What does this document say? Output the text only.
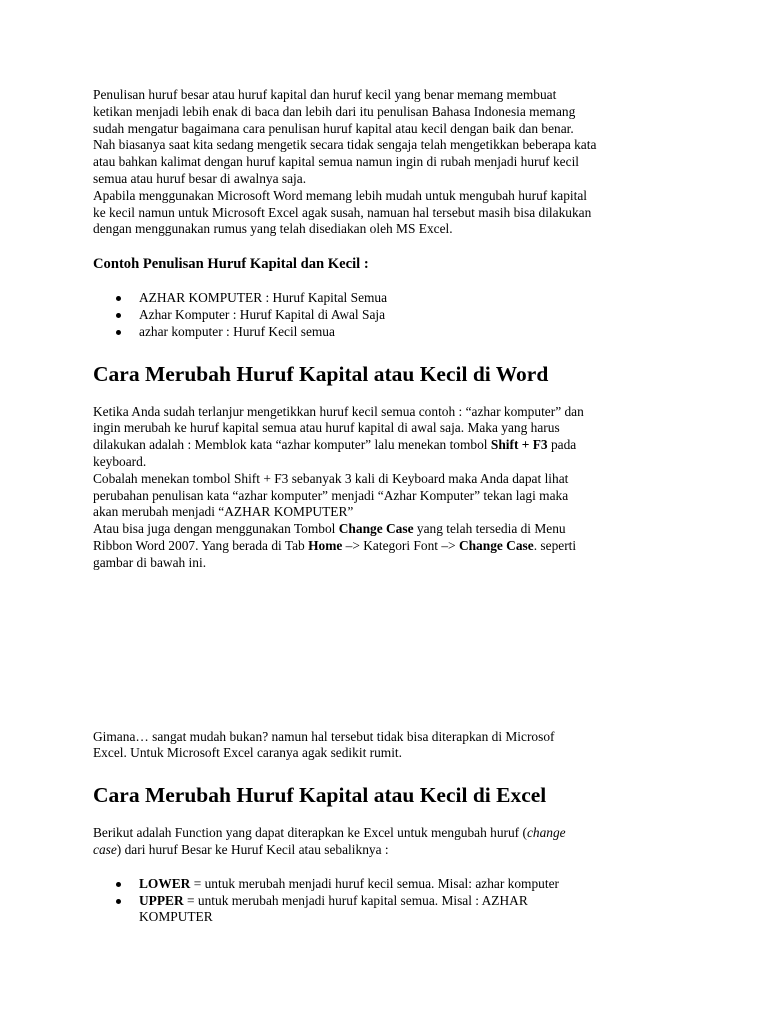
Penulisan huruf besar atau huruf kapital dan huruf kecil yang benar memang membuat
ketikan menjadi lebih enak di baca dan lebih dari itu penulisan Bahasa Indonesia memang
sudah mengatur bagaimana cara penulisan huruf kapital atau kecil dengan baik dan benar.
Nah biasanya saat kita sedang mengetik secara tidak sengaja telah mengetikkan beberapa kata
atau bahkan kalimat dengan huruf kapital semua namun ingin di rubah menjadi huruf kecil
semua atau huruf besar di awalnya saja.
Apabila menggunakan Microsoft Word memang lebih mudah untuk mengubah huruf kapital
ke kecil namun untuk Microsoft Excel agak susah, namuan hal tersebut masih bisa dilakukan
dengan menggunakan rumus yang telah disediakan oleh MS Excel.

Contoh Penulisan Huruf Kapital dan Kecil :

AZHAR KOMPUTER : Huruf Kapital Semua
Azhar Komputer : Huruf Kapital di Awal Saja
azhar komputer : Huruf Kecil semua
Cara Merubah Huruf Kapital atau Kecil di Word

Ketika Anda sudah terlanjur mengetikkan huruf kecil semua contoh : “azhar komputer” dan
ingin merubah ke huruf kapital semua atau huruf kapital di awal saja. Maka yang harus
dilakukan adalah : Memblok kata “azhar komputer” lalu menekan tombol Shift + F3 pada
keyboard.

Cobalah menekan tombol Shift + F3 sebanyak 3 kali di Keyboard maka Anda dapat lihat
perubahan penulisan kata “azhar komputer” menjadi “Azhar Komputer” tekan lagi maka
akan merubah menjadi “AZHAR KOMPUTER”

Atau bisa juga dengan menggunakan Tombol Change Case yang telah tersedia di Menu
Ribbon Word 2007. Yang berada di Tab Home –> Kategori Font –> Change Case. seperti
gambar di bawah ini.

Gimana… sangat mudah bukan? namun hal tersebut tidak bisa diterapkan di Microsof
Excel. Untuk Microsoft Excel caranya agak sedikit rumit.

Cara Merubah Huruf Kapital atau Kecil di Excel

Berikut adalah Function yang dapat diterapkan ke Excel untuk mengubah huruf (change
case) dari huruf Besar ke Huruf Kecil atau sebaliknya :

LOWER = untuk merubah menjadi huruf kecil semua. Misal: azhar komputer
UPPER = untuk merubah menjadi huruf kapital semua. Misal : AZHAR
KOMPUTER
